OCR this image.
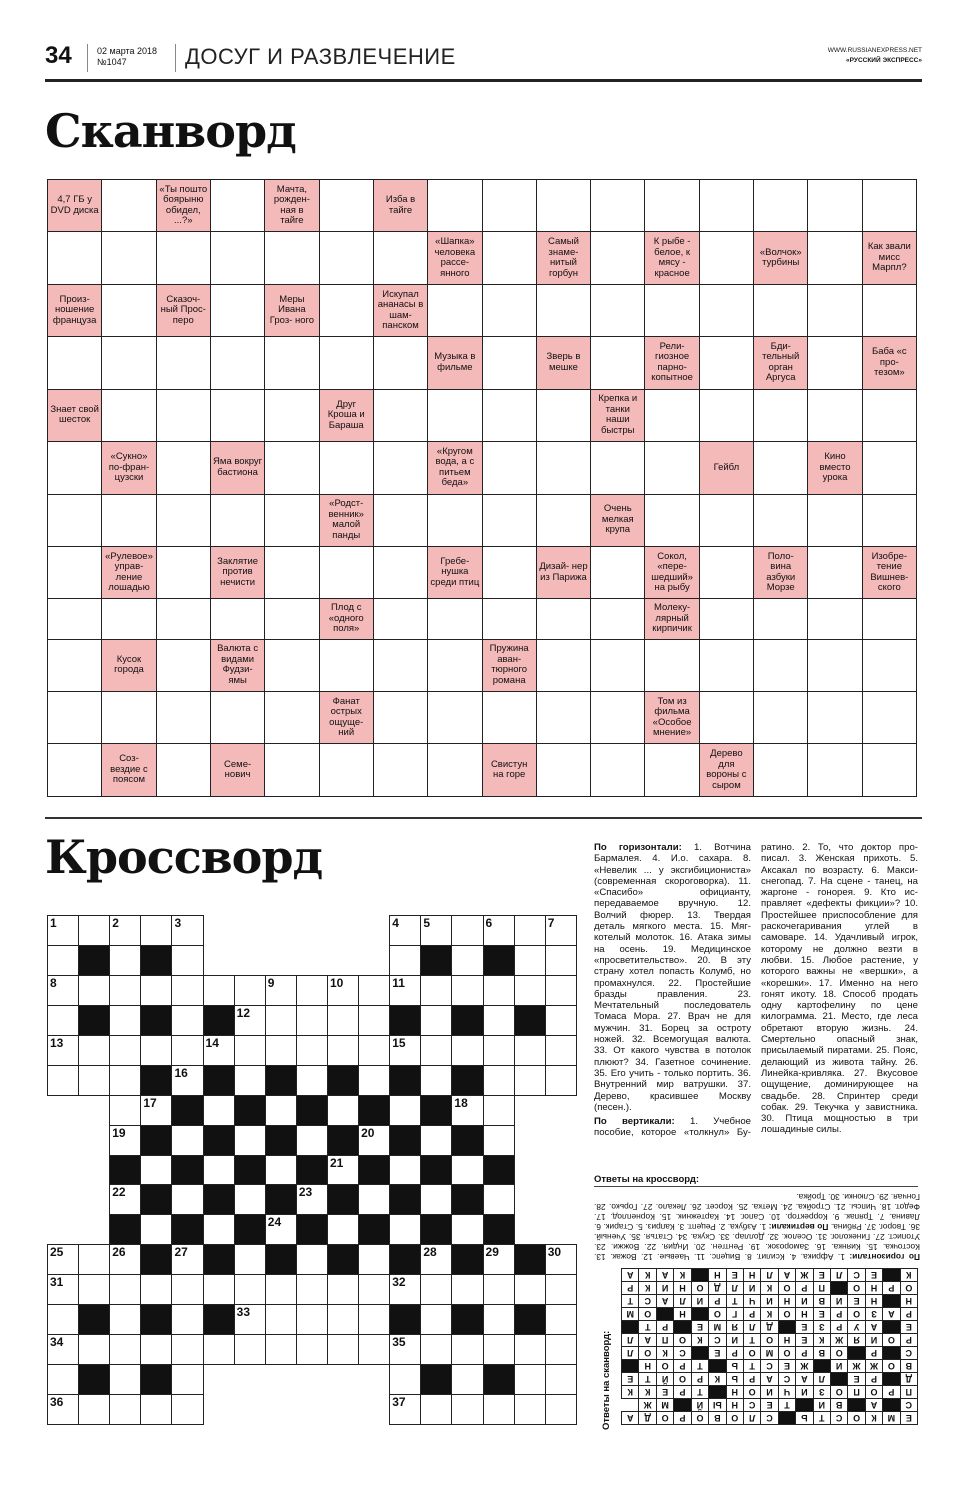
34	02 марта 2018
№1047	ДОСУГ И РАЗВЛЕЧЕНИЕ	WWW.RUSSIANEXPRESS.NET
«РУССКИЙ ЭКСПРЕСС»
Сканворд
4,7 ГБ у DVD диска		«Ты пошто боярыню обидел, ...?»		Мачта, рожден- ная в тайге		Изба в тайге									
							«Шапка» человека рассе- янного		Самый знаме- нитый горбун		К рыбе - белое, к мясу - красное		«Волчок» турбины		Как звали мисс Марпл?
Произ- ношение француза		Сказоч- ный Прос- перо		Меры Ивана Гроз- ного		Искупал ананасы в шам- панском									
							Музыка в фильме		Зверь в мешке		Рели- гиозное парно- копытное		Бди- тельный орган Аргуса		Баба «с про- тезом»
Знает свой шесток					Друг Кроша и Бараша					Крепка и танки наши быстры					
	«Сукно» по-фран- цузски		Яма вокруг бастиона				«Кругом вода, а с питьем беда»					Гейбл		Кино вместо урока	
					«Родст- венник» малой панды					Очень мелкая крупа					
	«Рулевое» управ- ление лошадью		Заклятие против нечисти				Гребе- нушка среди птиц		Дизай- нер из Парижа		Сокол, «пере- шедший» на рыбу		Поло- вина азбуки Морзе		Изобре- тение Вишнев- ского
					Плод с «одного поля»						Молеку- лярный кирпичик				
	Кусок города		Валюта с видами Фудзи- ямы					Пружина аван- тюрного романа							
					Фанат острых ощуще- ний						Том из фильма «Особое мнение»				
	Соз- вездие с поясом		Семе- нович					Свистун на горе				Дерево для вороны с сыром			
Кроссворд
1		2		3							4	5		6		7

8							9		10		11					

						12										

13					14						15					

				16												

			17										18			

		19								20						

									21							

		22						23								

							24									

25		26		27								28		29		30

31											32					

						33										

34											35					

36											37					

По горизонтали: 1. Вотчина Бармалея. 4. И.о. сахара. 8. «Невелик ... у эксгибициониста» (современная скороговорка). 11. «Спасибо» официанту, передаваемое вручную. 12. Волчий фюрер. 13. Твердая деталь мягкого места. 15. Мягкотелый молоток. 16. Атака зимы на осень. 19. Медицинское «просветительство». 20. В эту страну хотел попасть Колумб, но промахнулся. 22. Простейшие бразды правления. 23. Мечтательный последователь Томаса Мора. 27. Врач не для мужчин. 31. Борец за остроту ножей. 32. Всемогущая валюта. 33. От какого чувства в потолок плюют? 34. Газетное сочинение. 35. Его учить - только портить. 36. Внутренний мир ватрушки. 37. Дерево, красившее Москву (песен.).

По вертикали: 1. Учебное пособие, которое «толкнул» Буратино. 2. То, что доктор прописал. 3. Женская прихоть. 5. Аксакал по возрасту. 6. Максиснегопад. 7. На сцене - танец, на жаргоне - гонорея. 9. Кто исправляет «дефекты фикции»? 10. Простейшее приспособление для раскочегаривания углей в самоваре. 14. Удачливый игрок, которому не должно везти в любви. 15. Любое растение, у которого важны не «вершки», а «корешки». 17. Именно на него гонят икоту. 18. Способ продать одну картофелину по цене килограмма. 21. Место, где леса обретают вторую жизнь. 24. Смертельно опасный знак, присылаемый пиратами. 25. Пояс, делающий из живота тайну. 26. Линейка-кривляка. 27. Вкусовое ощущение, доминирующее на свадьбе. 28. Спринтер среди собак. 29. Текучка у завистника. 30. Птица мощностью в три лошадиные силы.

Ответы на кроссворд:
По горизонтали: 1. Африка. 4. Ксилит. 8. Вицепс. 11. Чаевые. 12. Вожак. 13. Косточка. 15. Киянка. 16. Заморозок. 19. Рентген. 20. Индия. 22. Вожжи. 23. Утопист. 27. Гинеколог. 31. Оселок. 32. Доллар. 33. Скука. 34. Статья. 35. Ученый. 36. Творог. 37. Рябина. По вертикали: 1. Азбука. 2. Рецепт. 3. Каприз. 5. Старик. 6. Лавина. 7. Тряпак. 9. Корректор. 10. Сапог. 14. Картежник. 15. Корнеплод. 17. Федот. 18. Чипсы. 21. Стройка. 24. Метка. 25. Корсет. 26. Лекало. 27. Горько. 28. Гончая. 29. Слюнки. 30. Тройка.
Ответы на сканворд:	Е	М	К	О	С	Т	Ь		С	Л	О	В	О	Р	О	Д	А
С		А		В	И		Т	Е	С	Н	Ы	Й		М	Ж	
П	Р	О	П	О	З	И	Ч	И	О	Н		Т	Р	Е	К	К
Д		Р	Е		Л	А	С	А	Р	Ь	К	Р	О	Й	Т	Е
В	О	Ж	Ж	И		Ж	Е	С	Т	Ь		Т	Р	О	Н	
С		Р		О	В	Р	О	М	О	Р	Е		С	К	О	Л
Р	О	И	Я	Ж	К	Е	Н	О	Т	И	С	К	О	П	А	Л
Е		А	У	Р	З	Е		Д	Л	Я	М	Е		Р	Т	
Р	А	З	О	Р	Е	Н	О	К	Р	Г	О		Н		О	М
Н		Н	Е	И	В	И	Н	И	Ч	Т	Р	И	Л	А	С	Т
О	Р	Н	О		П	Р	О	К	И	Л	Д	О	Н	И	К	Р
К		Е	С	Л	Е	Ж	А	Л	Н	Е	Н		К	А	К	А
